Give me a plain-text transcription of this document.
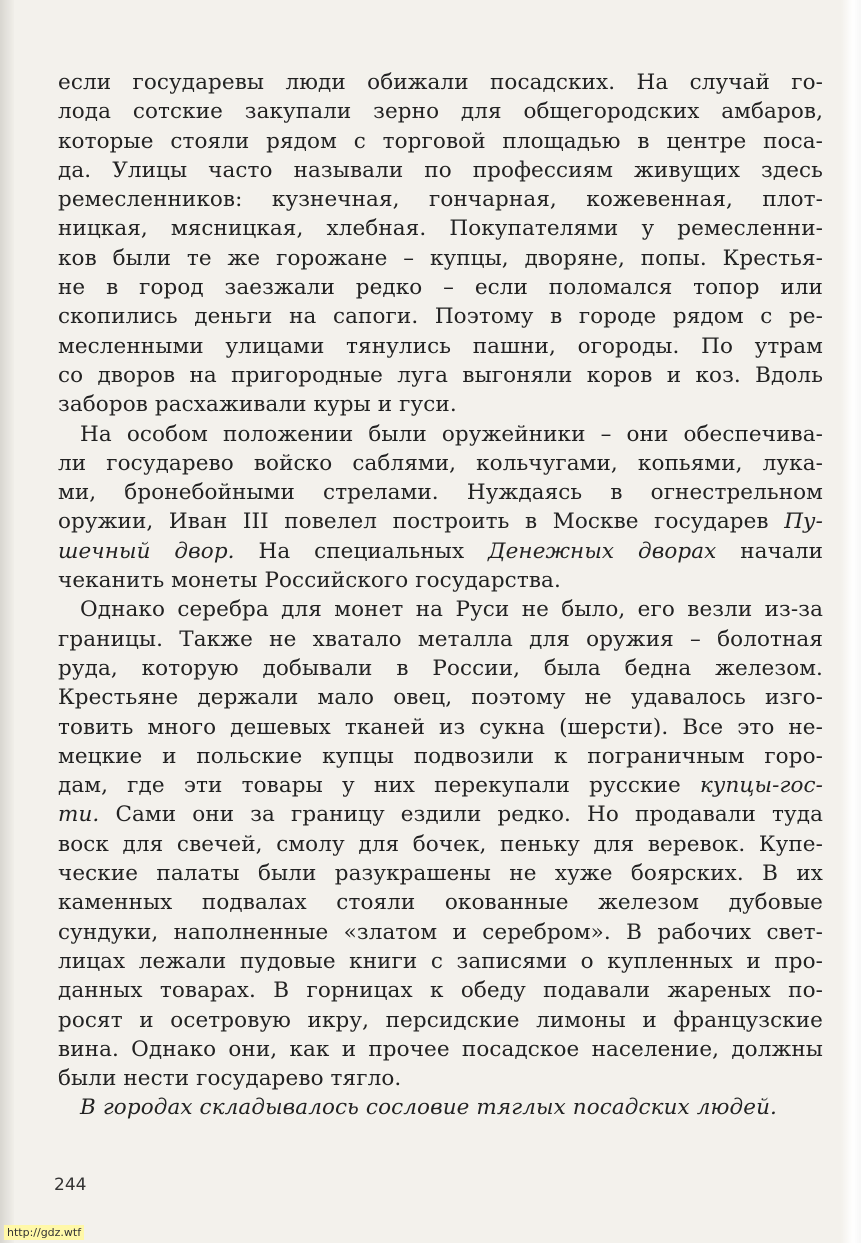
если государевы люди обижали посадских. На случай го-
лода сотские закупали зерно для общегородских амбаров,
которые стояли рядом с торговой площадью в центре поса-
да. Улицы часто называли по профессиям живущих здесь
ремесленников: кузнечная, гончарная, кожевенная, плот-
ницкая, мясницкая, хлебная. Покупателями у ремесленни-
ков были те же горожане – купцы, дворяне, попы. Крестья-
не в город заезжали редко – если поломался топор или
скопились деньги на сапоги. Поэтому в городе рядом с ре-
месленными улицами тянулись пашни, огороды. По утрам
со дворов на пригородные луга выгоняли коров и коз. Вдоль
заборов расхаживали куры и гуси.
На особом положении были оружейники – они обеспечива-
ли государево войско саблями, кольчугами, копьями, лука-
ми, бронебойными стрелами. Нуждаясь в огнестрельном
оружии, Иван III повелел построить в Москве государев Пу-
шечный двор. На специальных Денежных дворах начали
чеканить монеты Российского государства.
Однако серебра для монет на Руси не было, его везли из-за
границы. Также не хватало металла для оружия – болотная
руда, которую добывали в России, была бедна железом.
Крестьяне держали мало овец, поэтому не удавалось изго-
товить много дешевых тканей из сукна (шерсти). Все это не-
мецкие и польские купцы подвозили к пограничным горо-
дам, где эти товары у них перекупали русские купцы-гос-
ти. Сами они за границу ездили редко. Но продавали туда
воск для свечей, смолу для бочек, пеньку для веревок. Купе-
ческие палаты были разукрашены не хуже боярских. В их
каменных подвалах стояли окованные железом дубовые
сундуки, наполненные «златом и серебром». В рабочих свет-
лицах лежали пудовые книги с записями о купленных и про-
данных товарах. В горницах к обеду подавали жареных по-
росят и осетровую икру, персидские лимоны и французские
вина. Однако они, как и прочее посадское население, должны
были нести государево тягло.
В городах складывалось сословие тяглых посадских людей.
244
http://gdz.wtf
